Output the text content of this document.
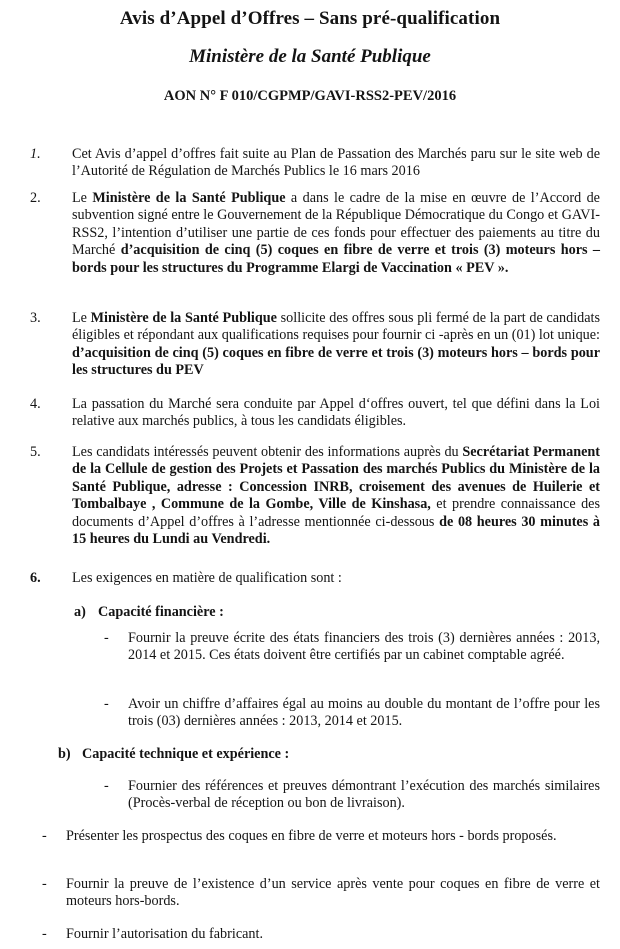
Avis d’Appel d’Offres – Sans pré-qualification
Ministère de la Santé Publique
AON N° F 010/CGPMP/GAVI-RSS2-PEV/2016
1.	Cet Avis d’appel d’offres fait suite au Plan de Passation des Marchés paru sur le site web de l’Autorité de Régulation de Marchés Publics le 16 mars 2016
2.	Le Ministère de la Santé Publique a dans le cadre de la mise en œuvre de l’Accord de subvention signé entre le Gouvernement de la République Démocratique du Congo et GAVI-RSS2, l’intention d’utiliser une partie de ces fonds pour effectuer des paiements au titre du Marché d’acquisition de cinq (5) coques en fibre de verre et trois (3) moteurs hors – bords pour les structures du Programme Elargi de Vaccination « PEV ».
3.	Le Ministère de la Santé Publique sollicite des offres sous pli fermé de la part de candidats éligibles et répondant aux qualifications requises pour fournir ci -après en un (01) lot unique: d’acquisition de cinq (5) coques en fibre de verre et trois (3) moteurs hors – bords pour les structures du PEV
4.	La passation du Marché sera conduite par Appel d‘offres ouvert, tel que défini dans la Loi relative aux marchés publics, à tous les candidats éligibles.
5.	Les candidats intéressés peuvent obtenir des informations auprès du Secrétariat Permanent de la Cellule de gestion des Projets et Passation des marchés Publics du Ministère de la Santé Publique, adresse : Concession INRB, croisement des avenues de Huilerie et Tombalbaye , Commune de la Gombe, Ville de Kinshasa, et prendre connaissance des documents d’Appel d’offres à l’adresse mentionnée ci-dessous de 08 heures 30 minutes à 15 heures du Lundi au Vendredi.
6.	Les exigences en matière de qualification sont :
a) Capacité financière :
- Fournir la preuve écrite des états financiers des trois (3) dernières années : 2013, 2014 et 2015. Ces états doivent être certifiés par un cabinet comptable agréé.
- Avoir un chiffre d’affaires égal au moins au double du montant de l’offre pour les trois (03) dernières années : 2013, 2014 et 2015.
b) Capacité technique et expérience :
- Fournier des références et preuves démontrant l’exécution des marchés similaires (Procès-verbal de réception ou bon de livraison).
- Présenter les prospectus des coques en fibre de verre et moteurs hors - bords proposés.
- Fournir la preuve de l’existence d’un service après vente pour coques en fibre de verre et moteurs hors-bords.
- Fournir l’autorisation du fabricant.
